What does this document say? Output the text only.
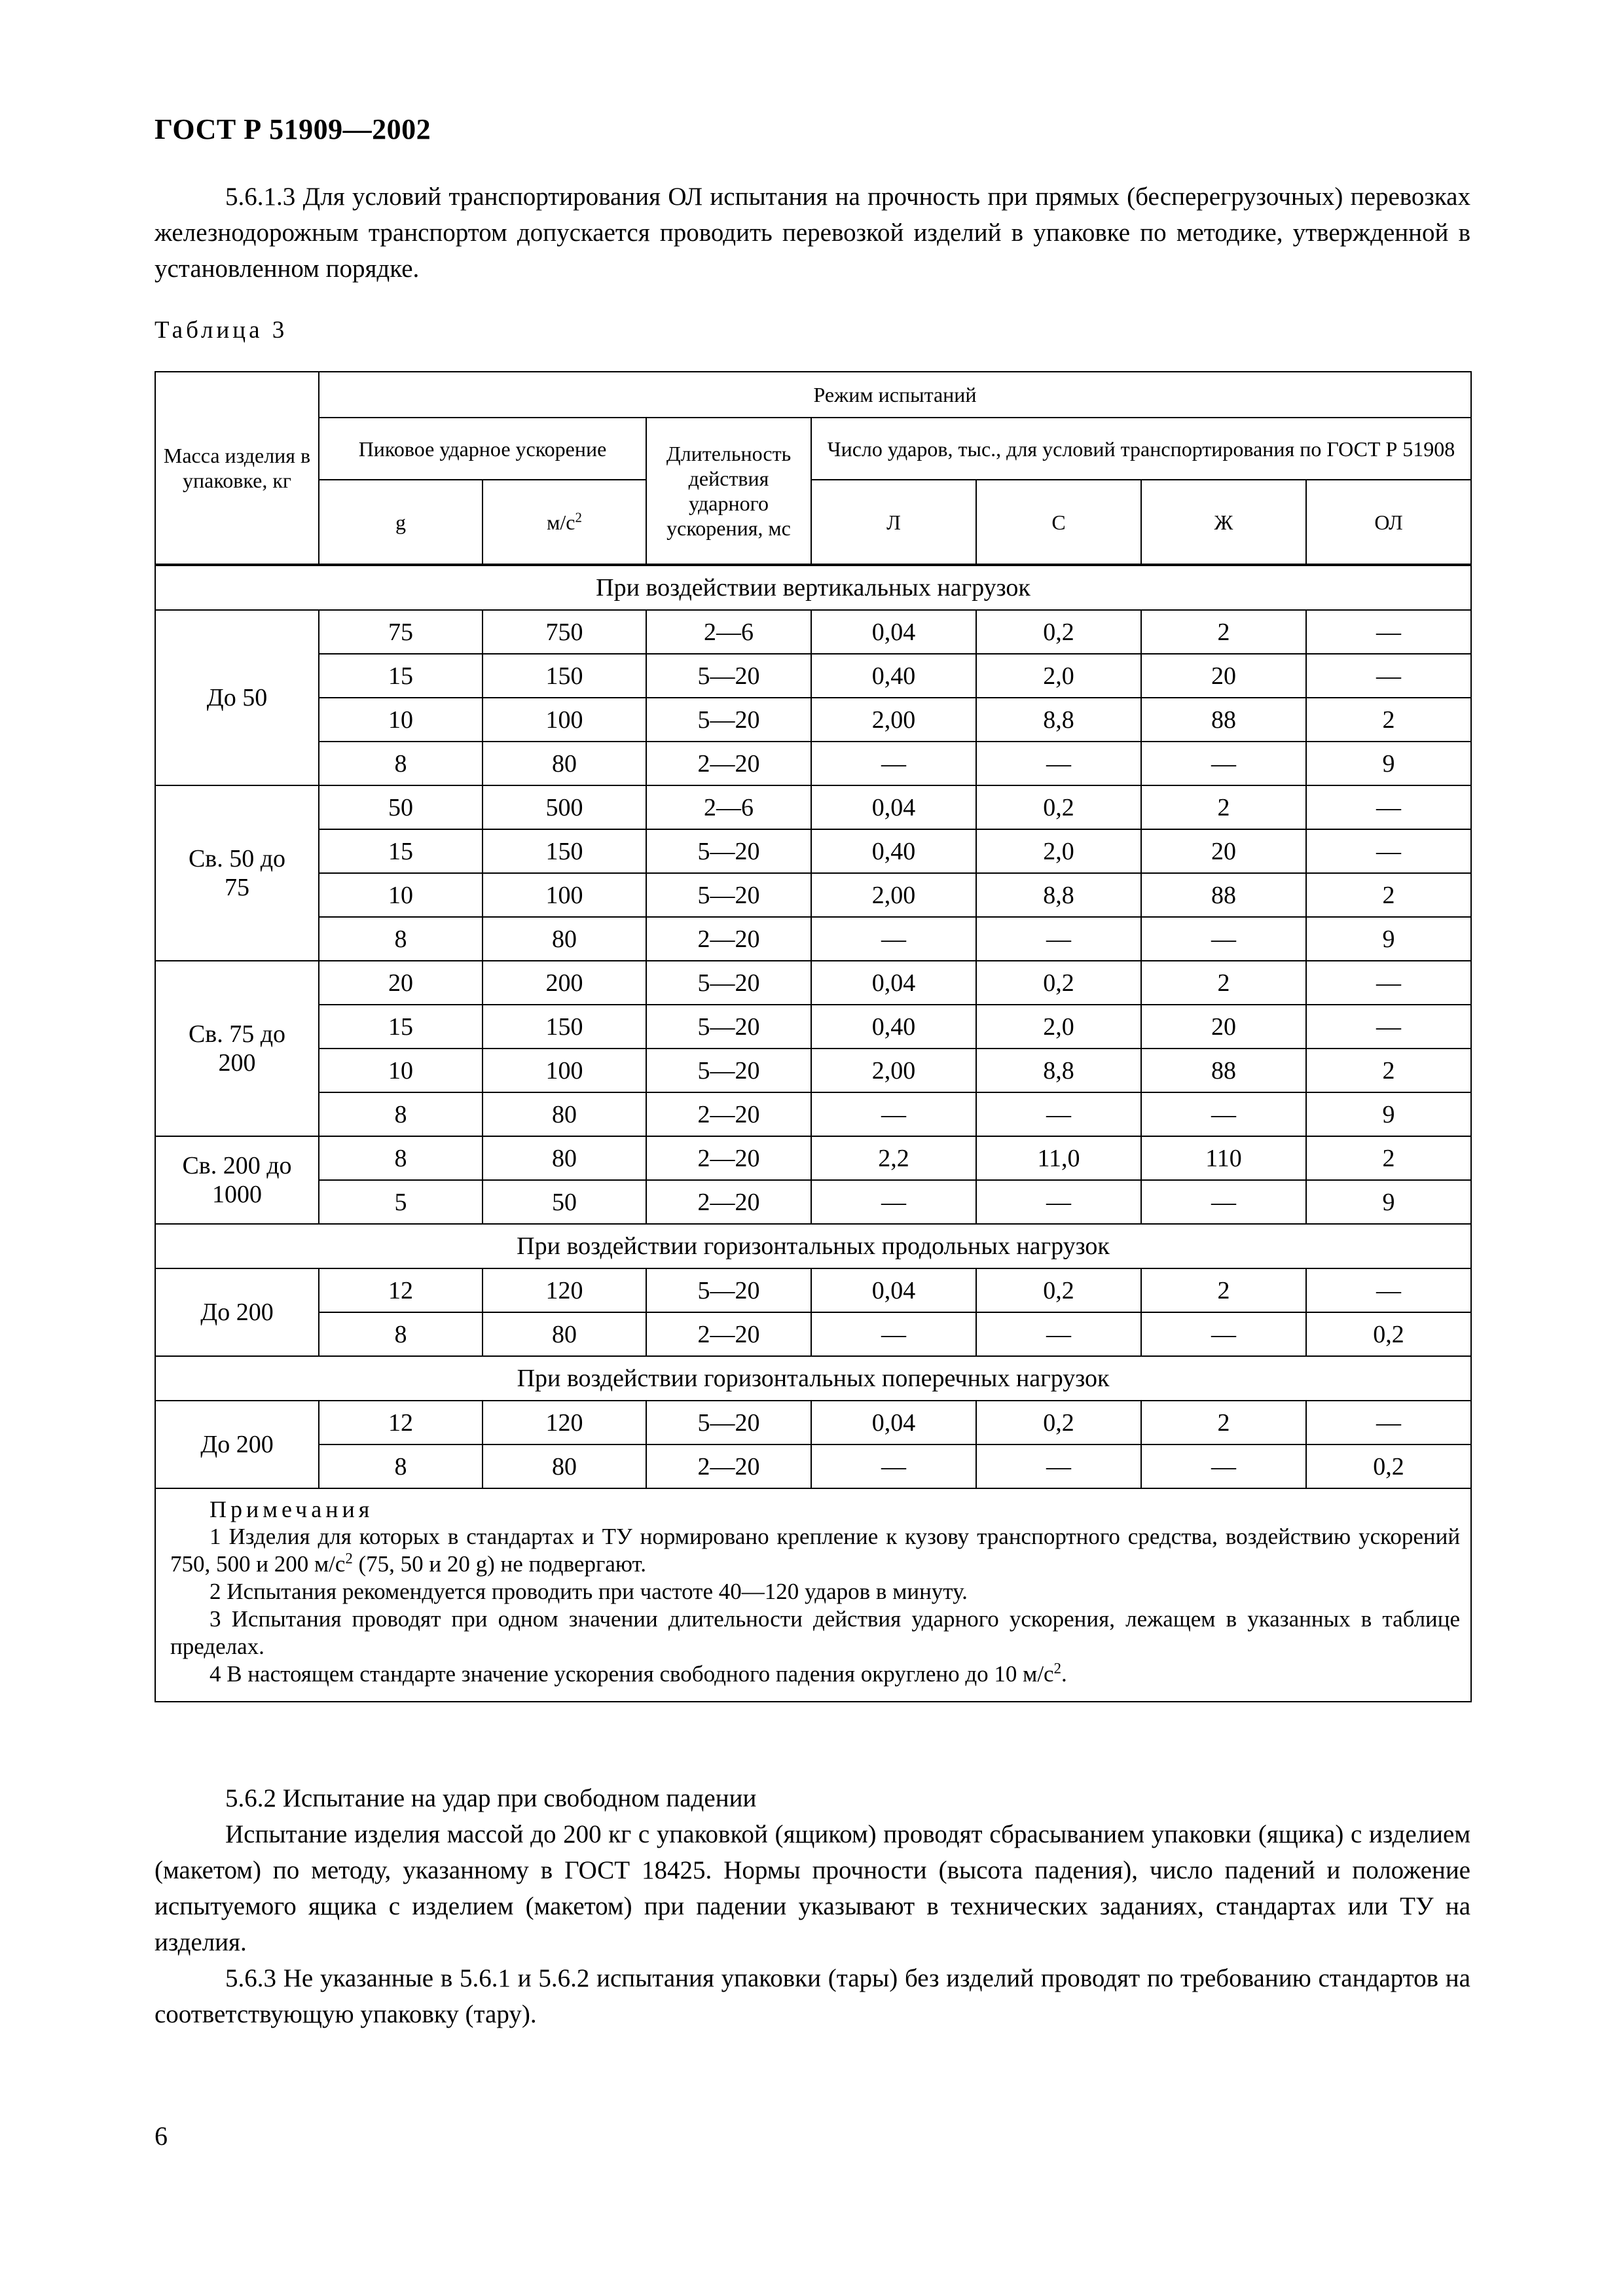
ГОСТ Р 51909—2002

5.6.1.3 Для условий транспортирования ОЛ испытания на прочность при прямых (бесперегрузочных) перевозках железнодорожным транспортом допускается проводить перевозкой изделий в упаковке по методике, утвержденной в установленном порядке.

Таблица 3
Масса изделия в упаковке, кг	Режим испытаний						
	Пиковое ударное ускорение		Длительность действия ударного ускорения, мс	Число ударов, тыс., для условий транспортирования по ГОСТ Р 51908			
	g	$м/с^2$		Л	С	Ж	ОЛ
При воздействии вертикальных нагрузок							
До 50	75	750	2—6	0,04	0,2	2	—
	15	150	5—20	0,40	2,0	20	—
	10	100	5—20	2,00	8,8	88	2
	8	80	2—20	—	—	—	9
Св. 50 до 75	50	500	2—6	0,04	0,2	2	—
	15	150	5—20	0,40	2,0	20	—
	10	100	5—20	2,00	8,8	88	2
	8	80	2—20	—	—	—	9
Св. 75 до 200	20	200	5—20	0,04	0,2	2	—
	15	150	5—20	0,40	2,0	20	—
	10	100	5—20	2,00	8,8	88	2
	8	80	2—20	—	—	—	9
Св. 200 до 1000	8	80	2—20	2,2	11,0	110	2
	5	50	2—20	—	—	—	9
При воздействии горизонтальных продольных нагрузок							
До 200	12	120	5—20	0,04	0,2	2	—
	8	80	2—20	—	—	—	0,2
При воздействии горизонтальных поперечных нагрузок							
До 200	12	120	5—20	0,04	0,2	2	—
	8	80	2—20	—	—	—	0,2

Примечания
1 Изделия для которых в стандартах и ТУ нормировано крепление к кузову транспортного средства, воздействию ускорений 750, 500 и 200 $м/с^2$ (75, 50 и 20 g) не подвергают.
2 Испытания рекомендуется проводить при частоте 40—120 ударов в минуту.
3 Испытания проводят при одном значении длительности действия ударного ускорения, лежащем в указанных в таблице пределах.
4 В настоящем стандарте значение ускорения свободного падения округлено до 10 $м/с^2$.							

5.6.2 Испытание на удар при свободном падении

Испытание изделия массой до 200 кг с упаковкой (ящиком) проводят сбрасыванием упаковки (ящика) с изделием (макетом) по методу, указанному в ГОСТ 18425. Нормы прочности (высота падения), число падений и положение испытуемого ящика с изделием (макетом) при падении указывают в технических заданиях, стандартах или ТУ на изделия.

5.6.3 Не указанные в 5.6.1 и 5.6.2 испытания упаковки (тары) без изделий проводят по требованию стандартов на соответствующую упаковку (тару).

6
